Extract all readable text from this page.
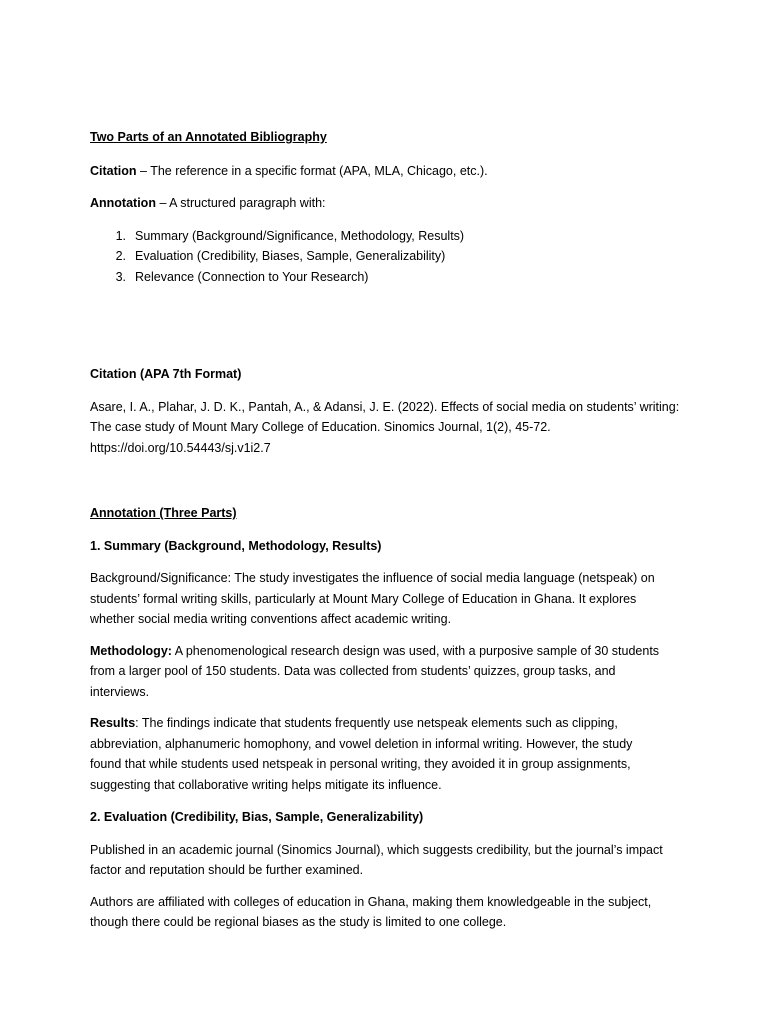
Two Parts of an Annotated Bibliography

Citation – The reference in a specific format (APA, MLA, Chicago, etc.).

Annotation – A structured paragraph with:

1. Summary (Background/Significance, Methodology, Results)
2. Evaluation (Credibility, Biases, Sample, Generalizability)
3. Relevance (Connection to Your Research)

Citation (APA 7th Format)

Asare, I. A., Plahar, J. D. K., Pantah, A., & Adansi, J. E. (2022). Effects of social media on students’ writing:
The case study of Mount Mary College of Education. Sinomics Journal, 1(2), 45-72.
https://doi.org/10.54443/sj.v1i2.7

Annotation (Three Parts)

1. Summary (Background, Methodology, Results)

Background/Significance: The study investigates the influence of social media language (netspeak) on
students’ formal writing skills, particularly at Mount Mary College of Education in Ghana. It explores
whether social media writing conventions affect academic writing.

Methodology: A phenomenological research design was used, with a purposive sample of 30 students
from a larger pool of 150 students. Data was collected from students’ quizzes, group tasks, and
interviews.

Results: The findings indicate that students frequently use netspeak elements such as clipping,
abbreviation, alphanumeric homophony, and vowel deletion in informal writing. However, the study
found that while students used netspeak in personal writing, they avoided it in group assignments,
suggesting that collaborative writing helps mitigate its influence.

2. Evaluation (Credibility, Bias, Sample, Generalizability)

Published in an academic journal (Sinomics Journal), which suggests credibility, but the journal’s impact
factor and reputation should be further examined.

Authors are affiliated with colleges of education in Ghana, making them knowledgeable in the subject,
though there could be regional biases as the study is limited to one college.
